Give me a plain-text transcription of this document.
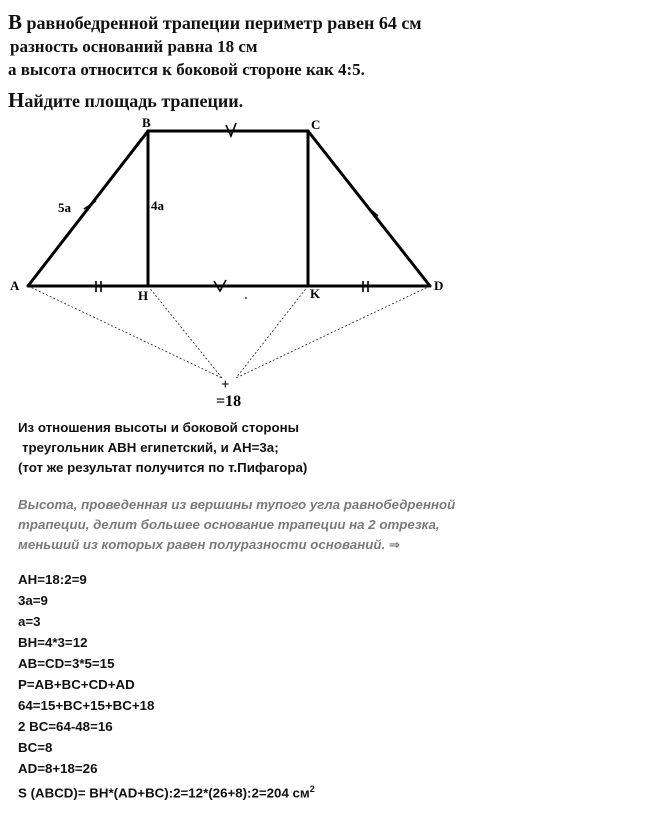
В равнобедренной трапеции периметр равен 64 см
разность оснований равна 18 см
а высота относится к боковой стороне как 4:5.
Найдите площадь трапеции.
A
B	C
D
H	K
5a	4a
+
=18
Из отношения высоты и боковой стороны
треугольник ABH египетский, и AH=3a;
(тот же результат получится по т.Пифагора)
Высота, проведенная из вершины тупого угла равнобедренной
трапеции, делит большее основание трапеции на 2 отрезка,
меньший из которых равен полуразности оснований. ⇒
AH=18:2=9
3a=9
a=3
BH=4*3=12
AB=CD=3*5=15
P=AB+BC+CD+AD
64=15+BC+15+BC+18
2 BC=64-48=16
BC=8
AD=8+18=26
S (ABCD)= BH*(AD+BC):2=12*(26+8):2=204 $см^2$
